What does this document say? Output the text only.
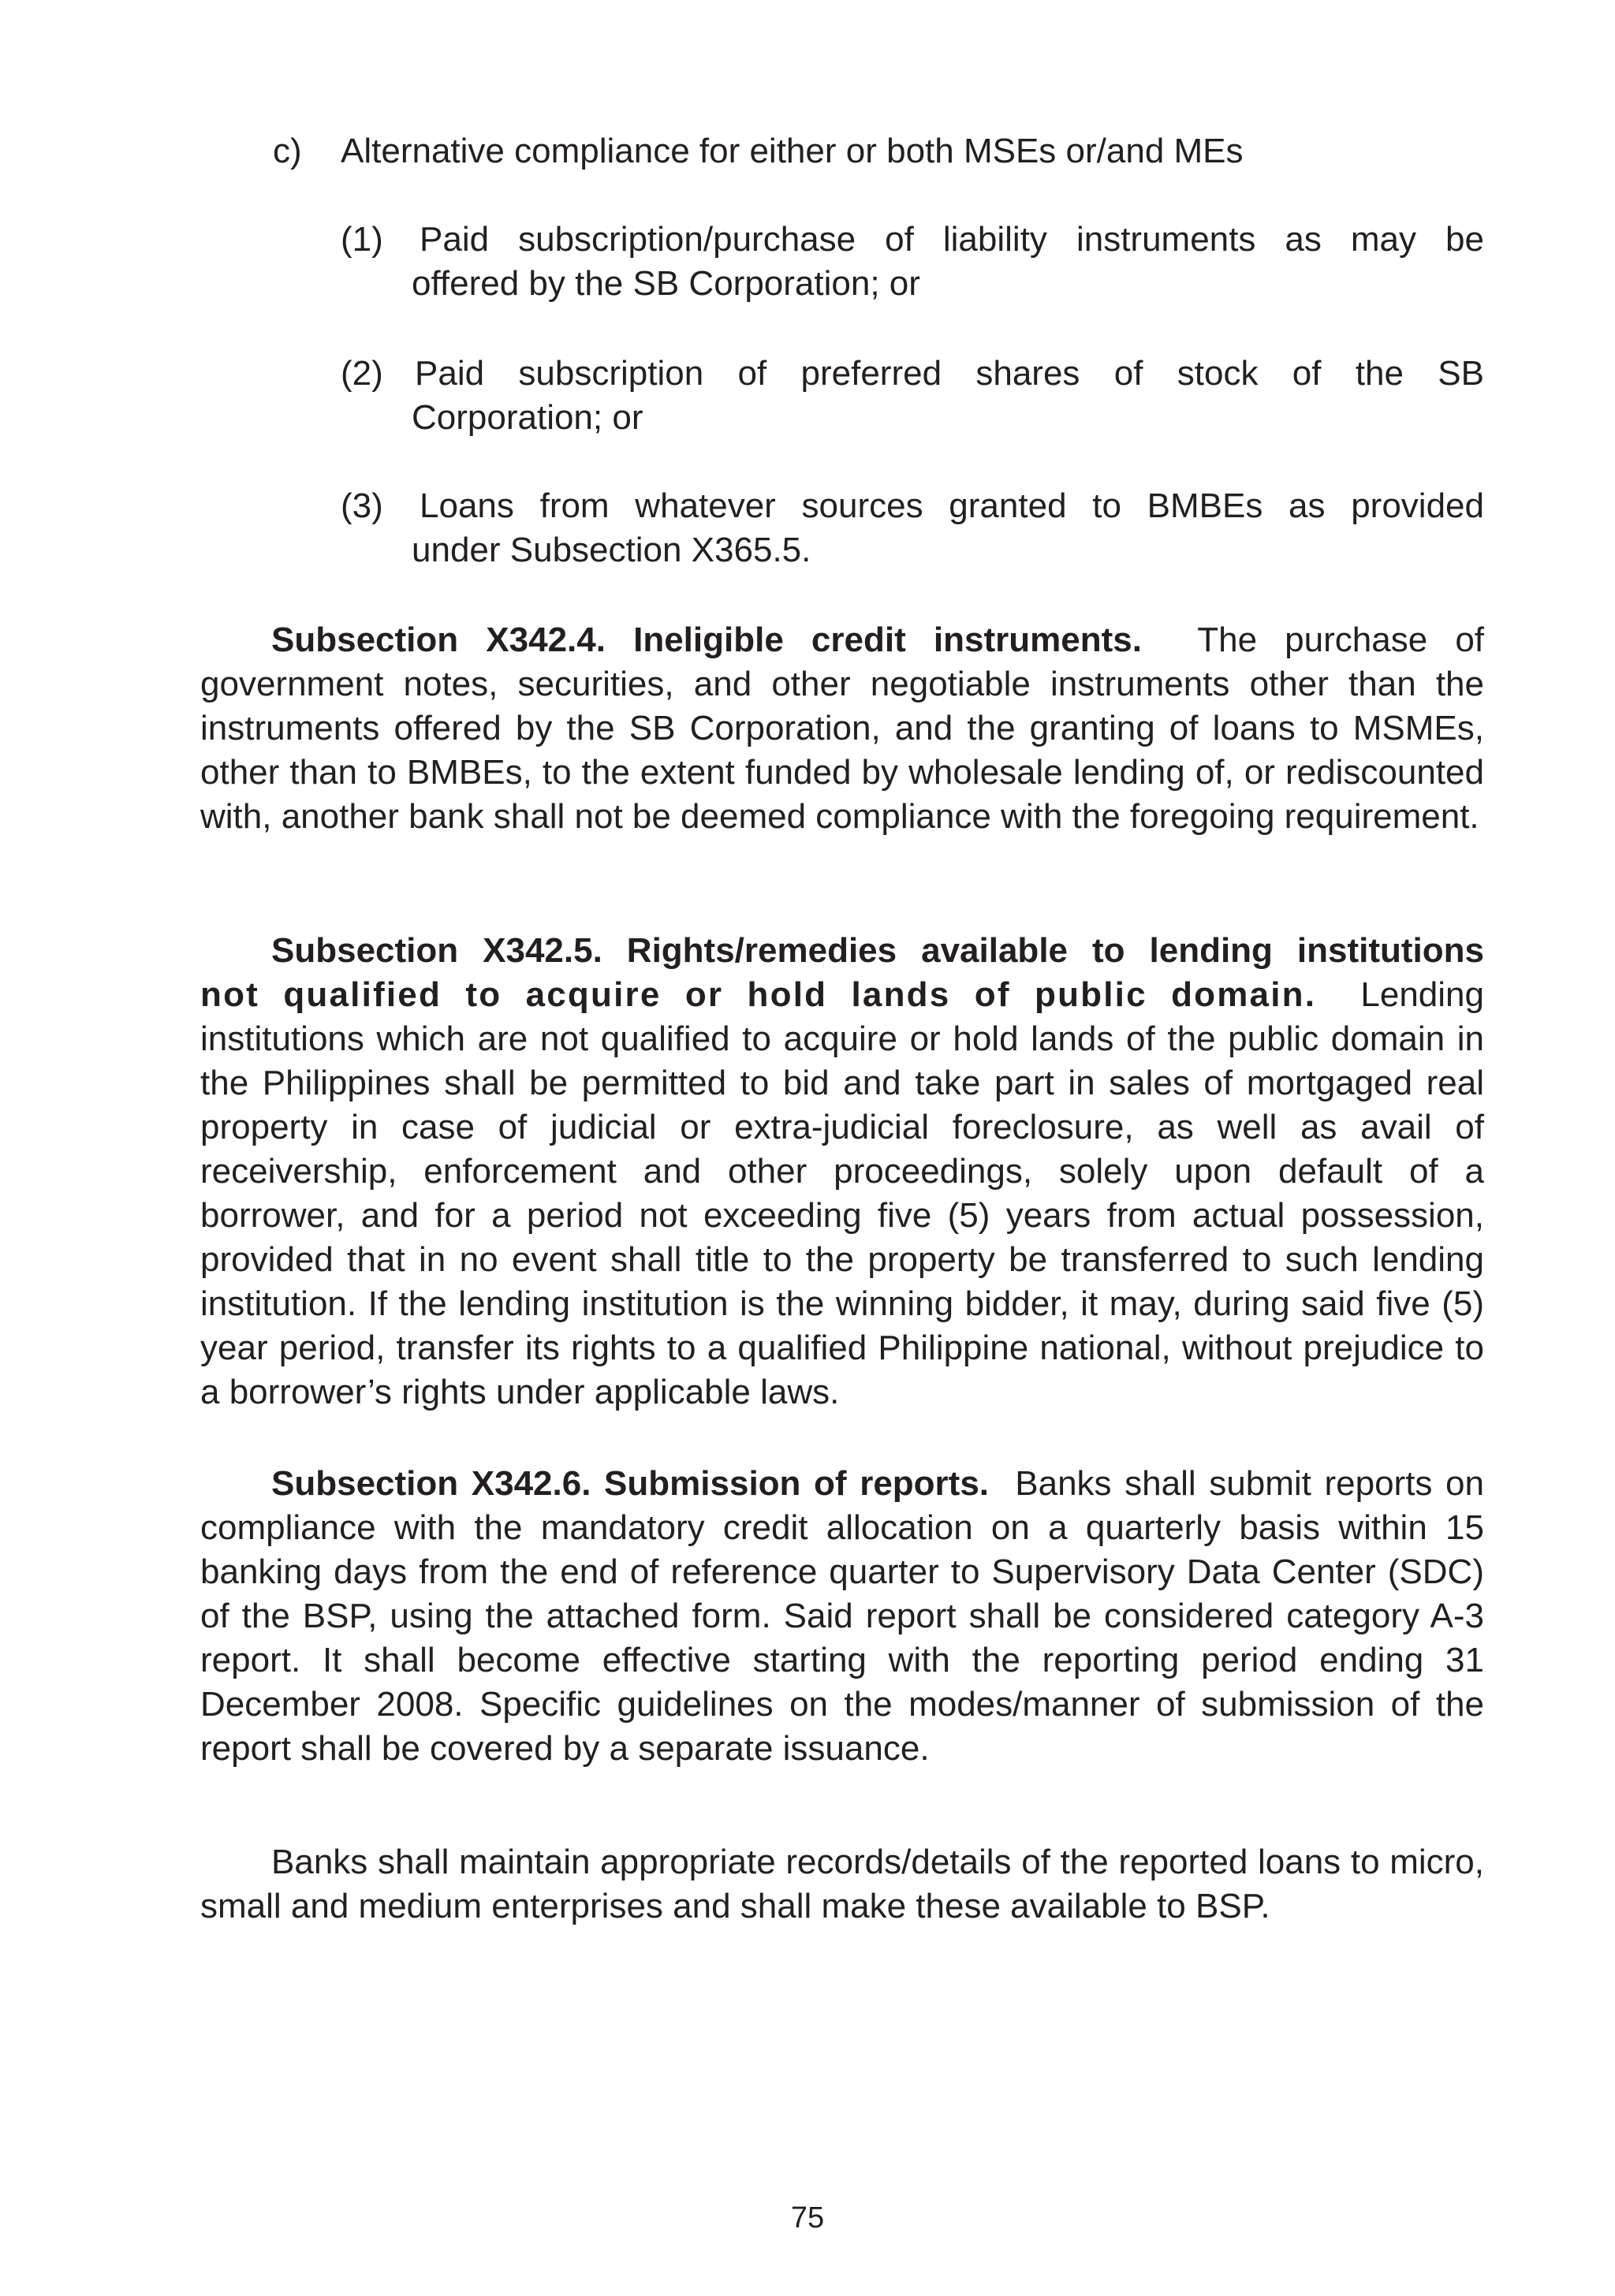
c) Alternative compliance for either or both MSEs or/and MEs
(1) Paid subscription/purchase of liability instruments as may be
offered by the SB Corporation; or
(2) Paid subscription of preferred shares of stock of the SB
Corporation; or
(3) Loans from whatever sources granted to BMBEs as provided
under Subsection X365.5.
Subsection X342.4. Ineligible credit instruments. The purchase of government notes, securities, and other negotiable instruments other than the instruments offered by the SB Corporation, and the granting of loans to MSMEs, other than to BMBEs, to the extent funded by wholesale lending of, or rediscounted with, another bank shall not be deemed compliance with the foregoing requirement.
Subsection X342.5. Rights/remedies available to lending institutions
not qualified to acquire or hold lands of public domain. Lending institutions which are not qualified to acquire or hold lands of the public domain in the Philippines shall be permitted to bid and take part in sales of mortgaged real property in case of judicial or extra-judicial foreclosure, as well as avail of receivership, enforcement and other proceedings, solely upon default of a borrower, and for a period not exceeding five (5) years from actual possession, provided that in no event shall title to the property be transferred to such lending institution. If the lending institution is the winning bidder, it may, during said five (5) year period, transfer its rights to a qualified Philippine national, without prejudice to a borrower’s rights under applicable laws.
Subsection X342.6. Submission of reports. Banks shall submit reports on compliance with the mandatory credit allocation on a quarterly basis within 15 banking days from the end of reference quarter to Supervisory Data Center (SDC) of the BSP, using the attached form. Said report shall be considered category A-3 report. It shall become effective starting with the reporting period ending 31 December 2008. Specific guidelines on the modes/manner of submission of the report shall be covered by a separate issuance.
Banks shall maintain appropriate records/details of the reported loans to micro, small and medium enterprises and shall make these available to BSP.
75
